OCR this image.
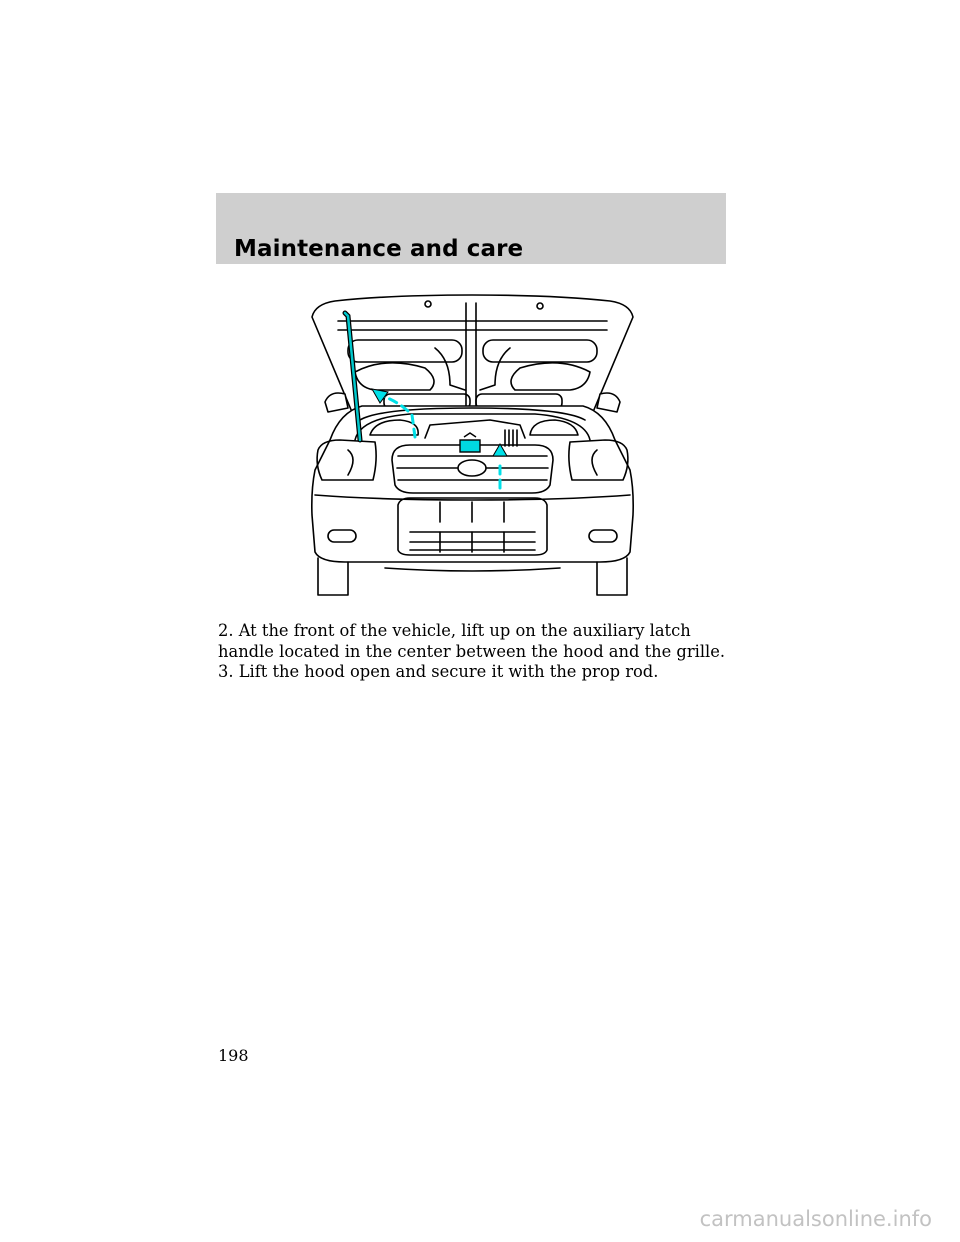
Maintenance and care

2. At the front of the vehicle, lift up on the auxiliary latch handle located in the center between the hood and the grille.

3. Lift the hood open and secure it with the prop rod.

198

carmanualsonline.info
